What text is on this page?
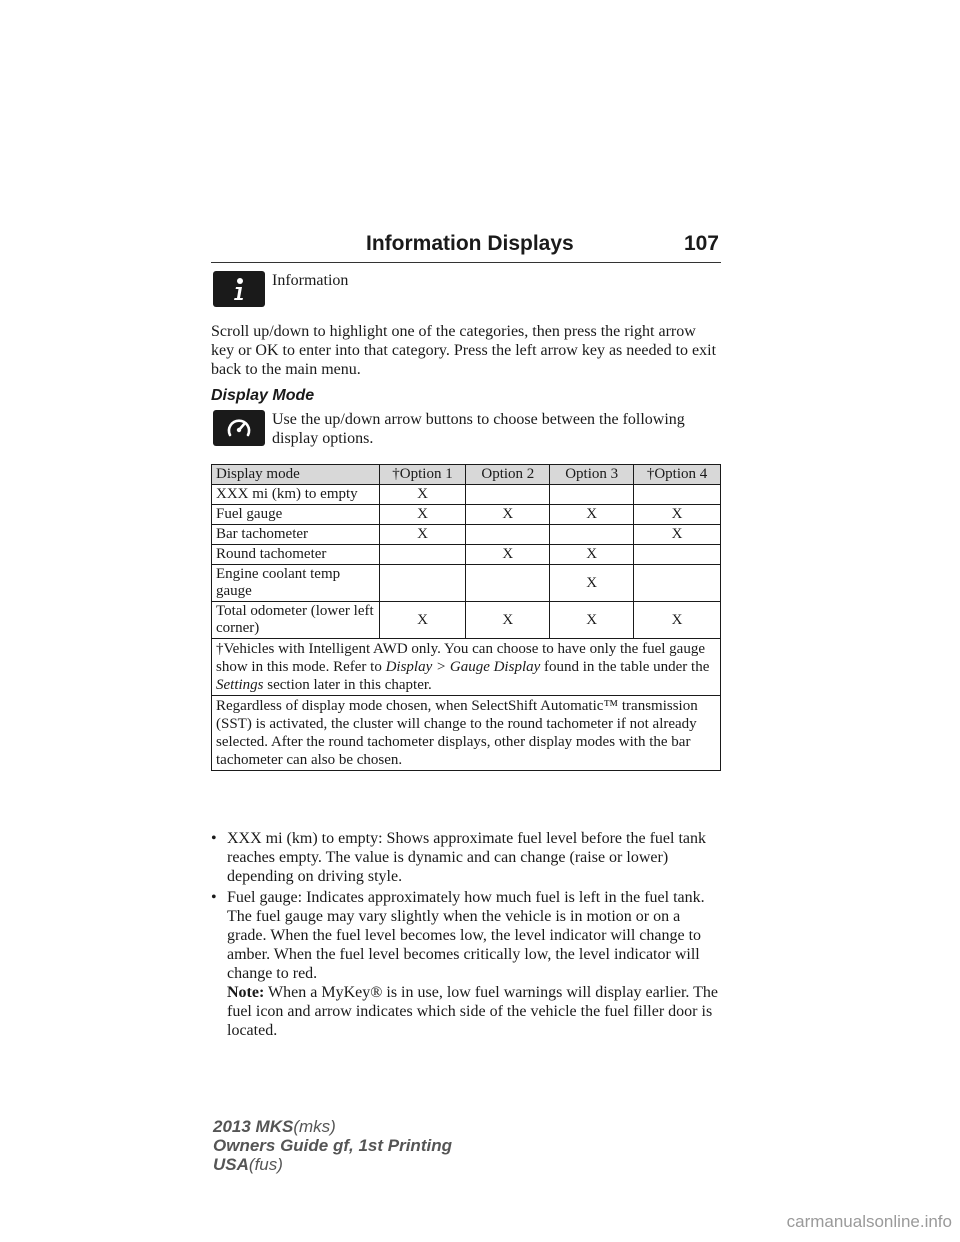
Information Displays	107
Information
Scroll up/down to highlight one of the categories, then press the right arrow key or OK to enter into that category. Press the left arrow key as needed to exit back to the main menu.
Display Mode
Use the up/down arrow buttons to choose between the following display options.
Display mode	†Option 1	Option 2	Option 3	†Option 4
XXX mi (km) to empty	X			
Fuel gauge	X	X	X	X
Bar tachometer	X			X
Round tachometer		X	X	
Engine coolant temp gauge			X	
Total odometer (lower left corner)	X	X	X	X
†Vehicles with Intelligent AWD only. You can choose to have only the fuel gauge show in this mode. Refer to Display > Gauge Display found in the table under the Settings section later in this chapter.				
Regardless of display mode chosen, when SelectShift Automatic™ transmission (SST) is activated, the cluster will change to the round tachometer if not already selected. After the round tachometer displays, other display modes with the bar tachometer can also be chosen.				
• XXX mi (km) to empty: Shows approximate fuel level before the fuel tank reaches empty. The value is dynamic and can change (raise or lower) depending on driving style.
• Fuel gauge: Indicates approximately how much fuel is left in the fuel tank. The fuel gauge may vary slightly when the vehicle is in motion or on a grade. When the fuel level becomes low, the level indicator will change to amber. When the fuel level becomes critically low, the level indicator will change to red.
Note: When a MyKey® is in use, low fuel warnings will display earlier. The fuel icon and arrow indicates which side of the vehicle the fuel filler door is located.
2013 MKS(mks)
Owners Guide gf, 1st Printing
USA(fus)
carmanualsonline.info
